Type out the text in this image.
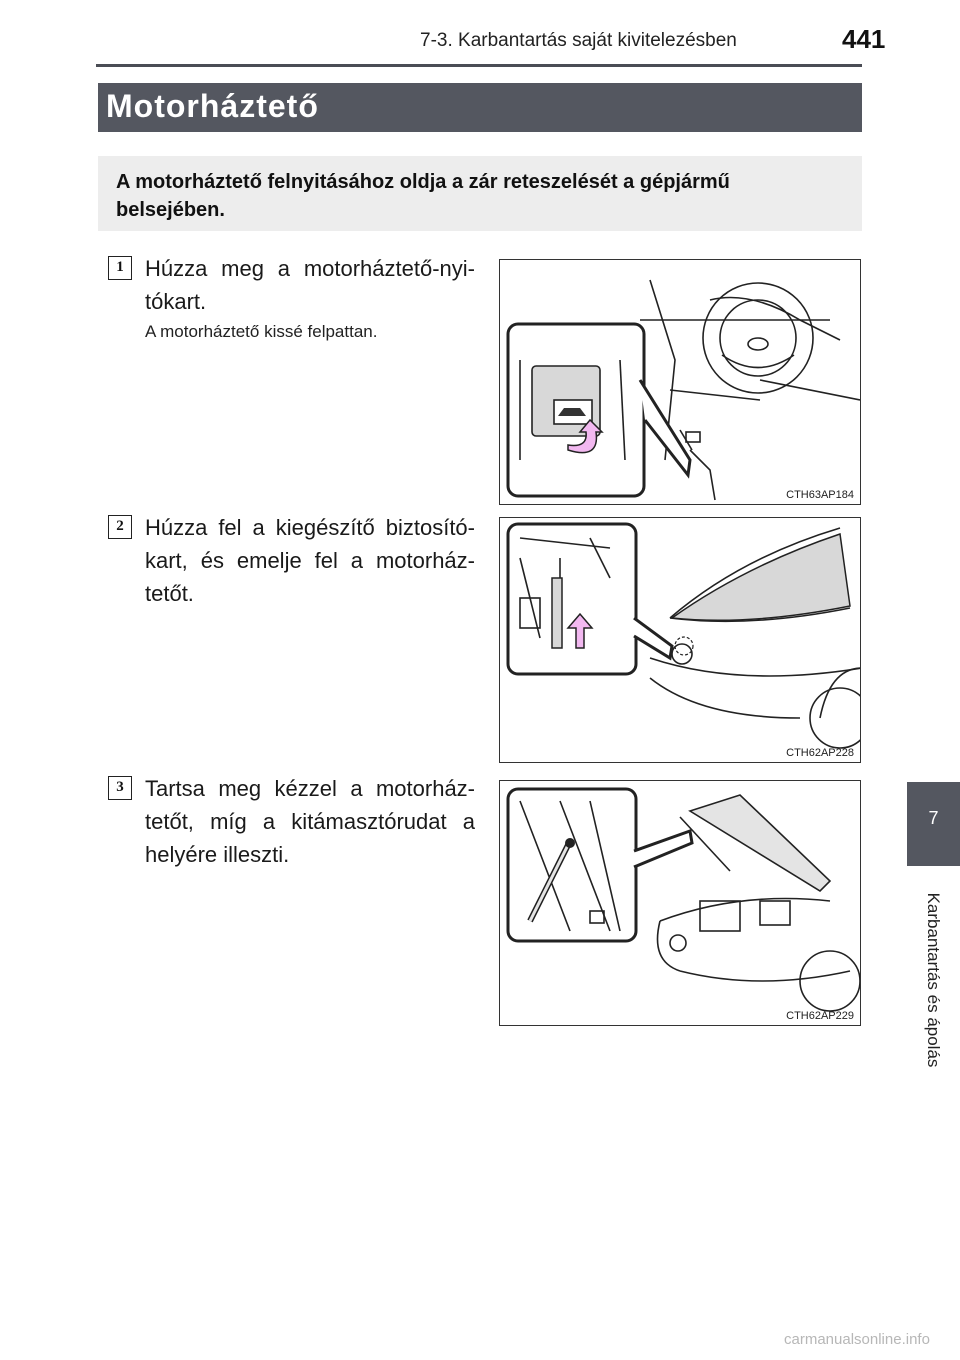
7-3. Karbantartás saját kivitelezésben	441
Motorháztető
A motorháztető felnyitásához oldja a zár reteszelését a gépjármű belsejében.
1 Húzza meg a motorháztető-nyi-tókart.
A motorháztető kissé felpattan.
CTH63AP184
2 Húzza fel a kiegészítő biztosító-kart, és emelje fel a motorház-tetőt.
CTH62AP228
3 Tartsa meg kézzel a motorház-tetőt, míg a kitámasztórudat a helyére illeszti.
CTH62AP229
7
Karbantartás és ápolás
carmanualsonline.info
